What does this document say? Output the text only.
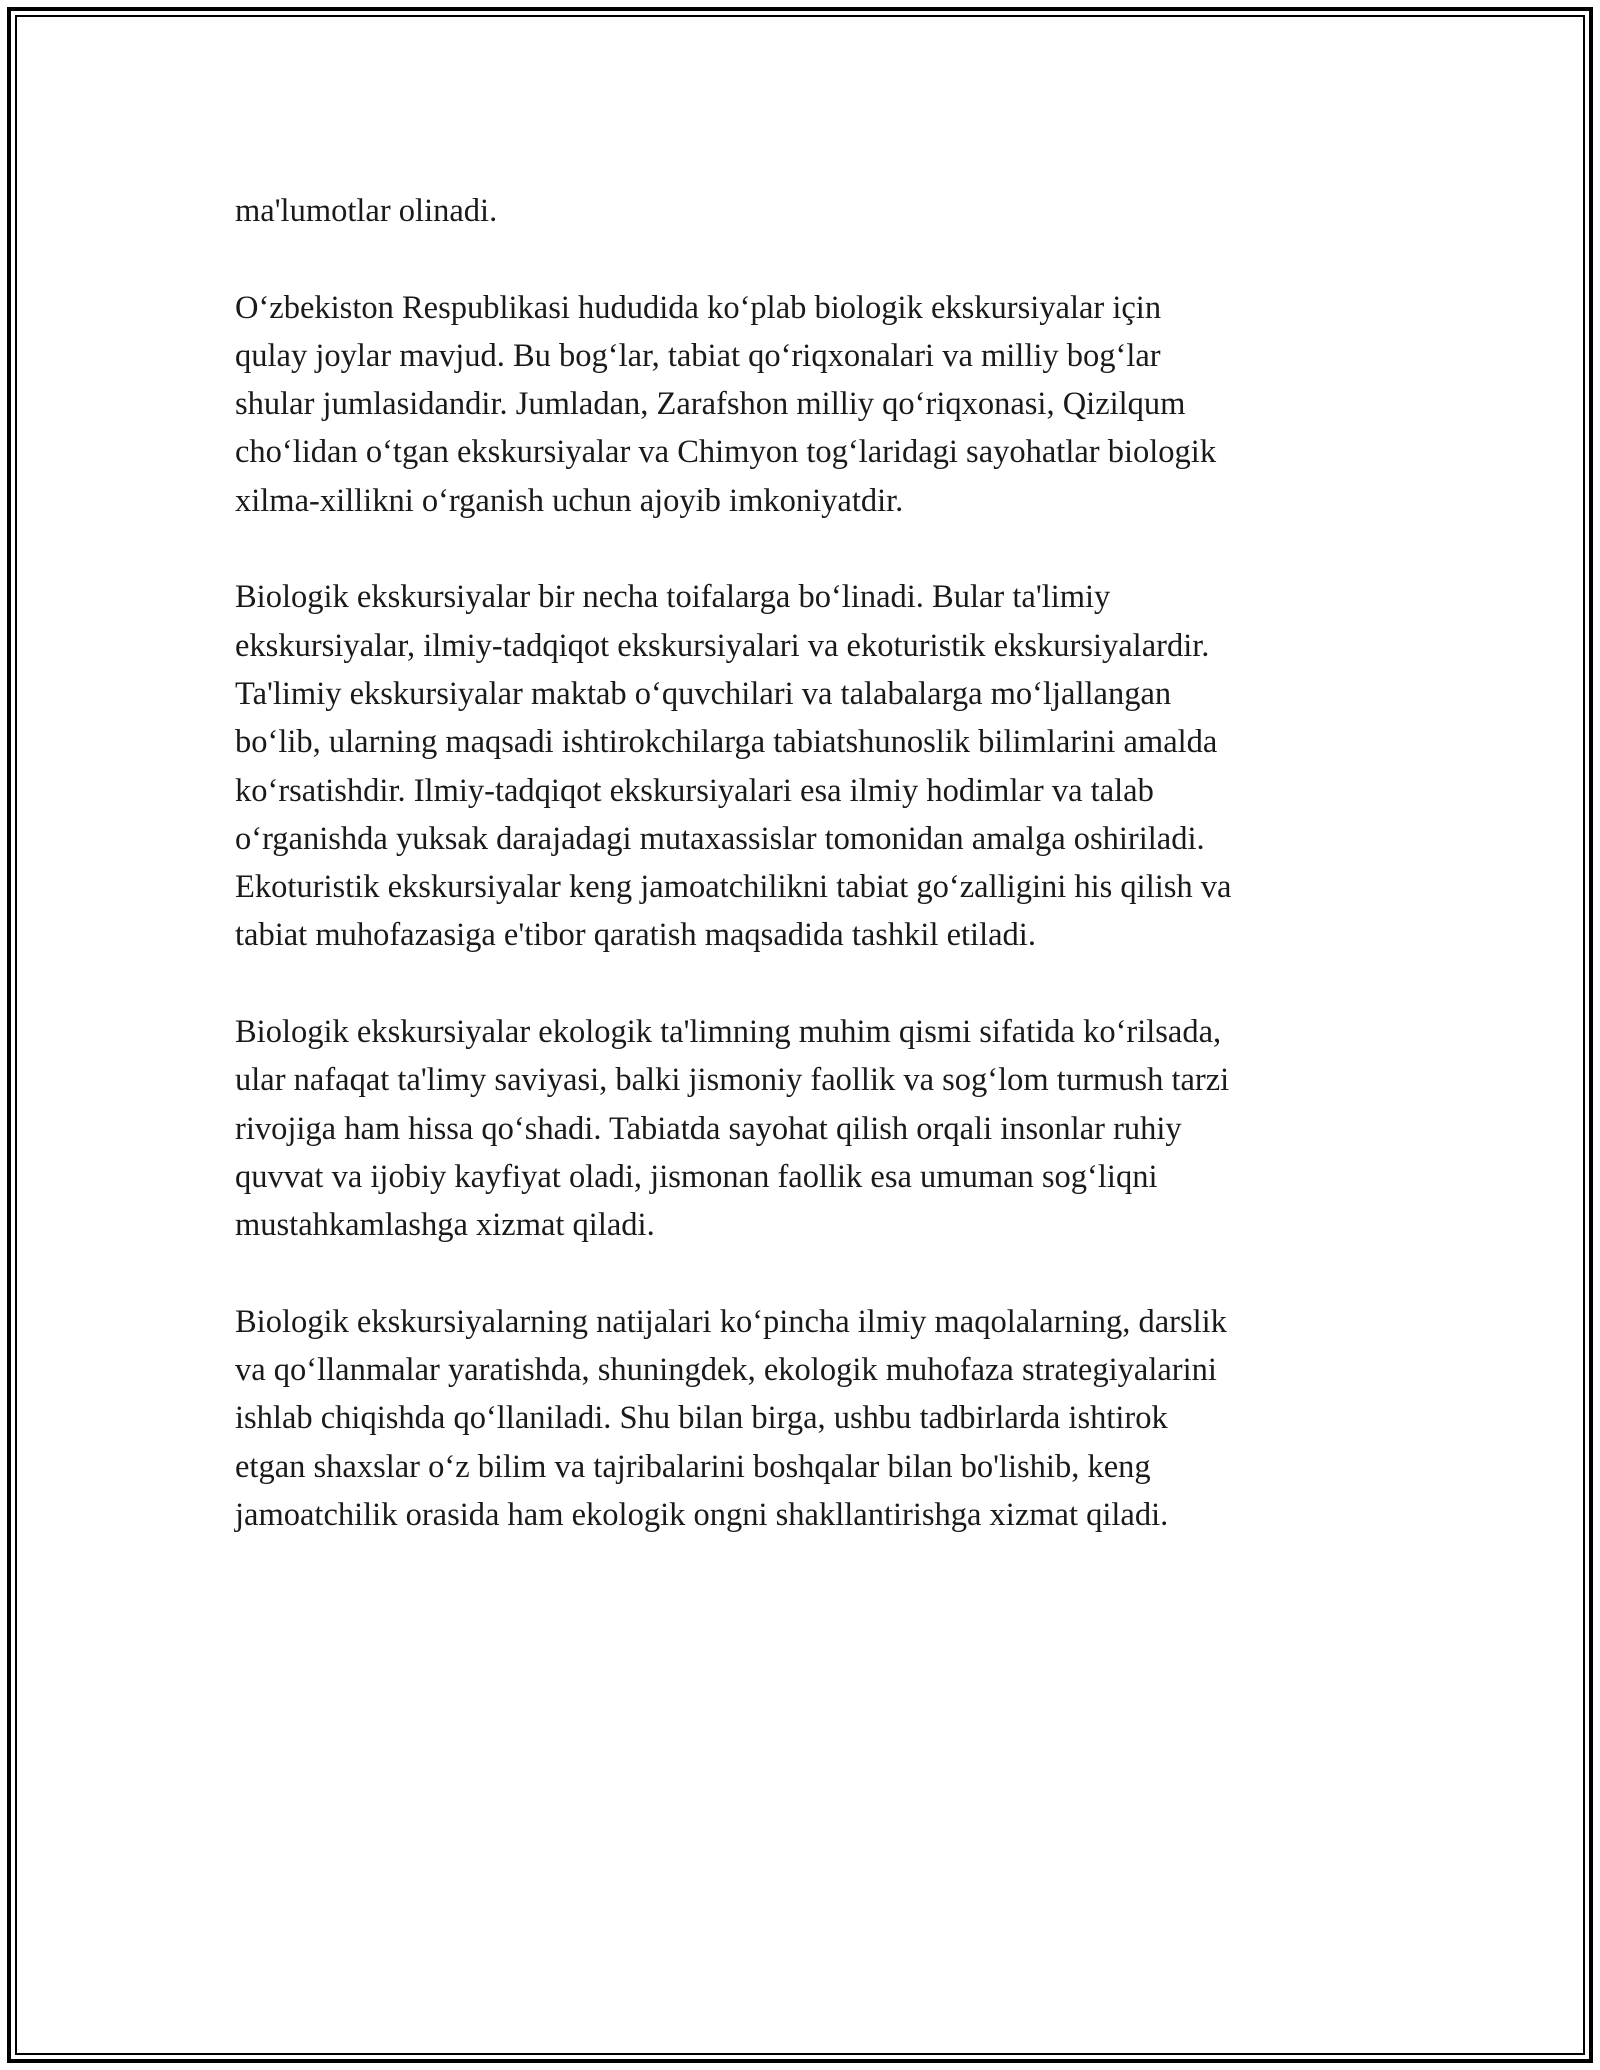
ma'lumotlar olinadi.

O‘zbekiston Respublikasi hududida ko‘plab biologik ekskursiyalar için
qulay joylar mavjud. Bu bog‘lar, tabiat qo‘riqxonalari va milliy bog‘lar
shular jumlasidandir. Jumladan, Zarafshon milliy qo‘riqxonasi, Qizilqum
cho‘lidan o‘tgan ekskursiyalar va Chimyon tog‘laridagi sayohatlar biologik
xilma-xillikni o‘rganish uchun ajoyib imkoniyatdir.

Biologik ekskursiyalar bir necha toifalarga bo‘linadi. Bular ta'limiy
ekskursiyalar, ilmiy-tadqiqot ekskursiyalari va ekoturistik ekskursiyalardir.
Ta'limiy ekskursiyalar maktab o‘quvchilari va talabalarga mo‘ljallangan
bo‘lib, ularning maqsadi ishtirokchilarga tabiatshunoslik bilimlarini amalda
ko‘rsatishdir. Ilmiy-tadqiqot ekskursiyalari esa ilmiy hodimlar va talab
o‘rganishda yuksak darajadagi mutaxassislar tomonidan amalga oshiriladi.
Ekoturistik ekskursiyalar keng jamoatchilikni tabiat go‘zalligini his qilish va
tabiat muhofazasiga e'tibor qaratish maqsadida tashkil etiladi.

Biologik ekskursiyalar ekologik ta'limning muhim qismi sifatida ko‘rilsada,
ular nafaqat ta'limy saviyasi, balki jismoniy faollik va sog‘lom turmush tarzi
rivojiga ham hissa qo‘shadi. Tabiatda sayohat qilish orqali insonlar ruhiy
quvvat va ijobiy kayfiyat oladi, jismonan faollik esa umuman sog‘liqni
mustahkamlashga xizmat qiladi.

Biologik ekskursiyalarning natijalari ko‘pincha ilmiy maqolalarning, darslik
va qo‘llanmalar yaratishda, shuningdek, ekologik muhofaza strategiyalarini
ishlab chiqishda qo‘llaniladi. Shu bilan birga, ushbu tadbirlarda ishtirok
etgan shaxslar o‘z bilim va tajribalarini boshqalar bilan bo'lishib, keng
jamoatchilik orasida ham ekologik ongni shakllantirishga xizmat qiladi.
